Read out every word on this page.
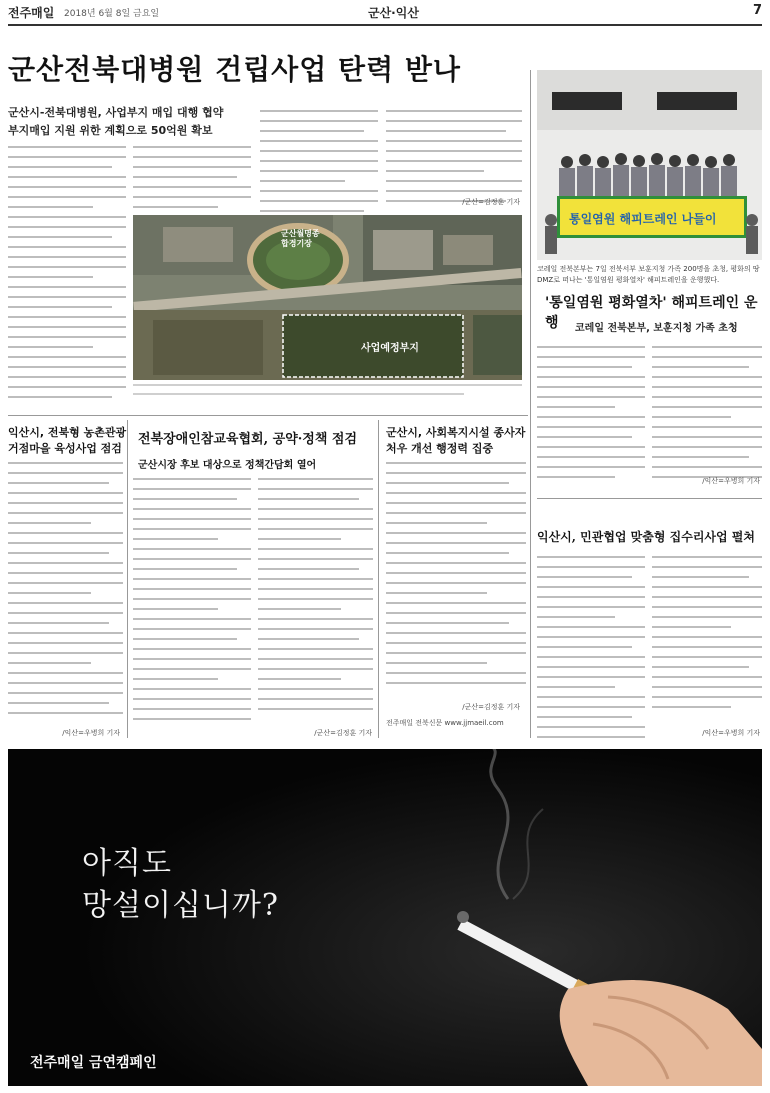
전주매일 2018년 6월 8일 금요일	군산·익산	7
군산전북대병원 건립사업 탄력 받나
군산시-전북대병원, 사업부지 매입 대행 협약
부지매입 지원 위한 계획으로 50억원 확보
/군산=김정훈 기자
군산월명종합경기장
사업예정부지
통일염원 해피트레인 나들이
코레일 전북본부는 7일 전북서부 보훈지청 가족 200명을 초청, 평화의 땅 DMZ로 떠나는 '통일염원 평화열차' 해피트레인을 운행했다.
'통일염원 평화열차' 해피트레인 운행	코레일 전북본부, 보훈지청 가족 초청
/익산=우병희 기자
익산시, 전북형 농촌관광
거점마을 육성사업 점검
/익산=우병희 기자
전북장애인참교육협회, 공약·정책 점검
군산시장 후보 대상으로 정책간담회 열어
/군산=김정훈 기자
군산시, 사회복지시설 종사자
처우 개선 행정력 집중
전주매일 전북신문 www.jjmaeil.com
/군산=김정훈 기자
익산시, 민관협업 맞춤형 집수리사업 펼쳐
/익산=우병희 기자
아직도
망설이십니까?
전주매일 금연캠페인
